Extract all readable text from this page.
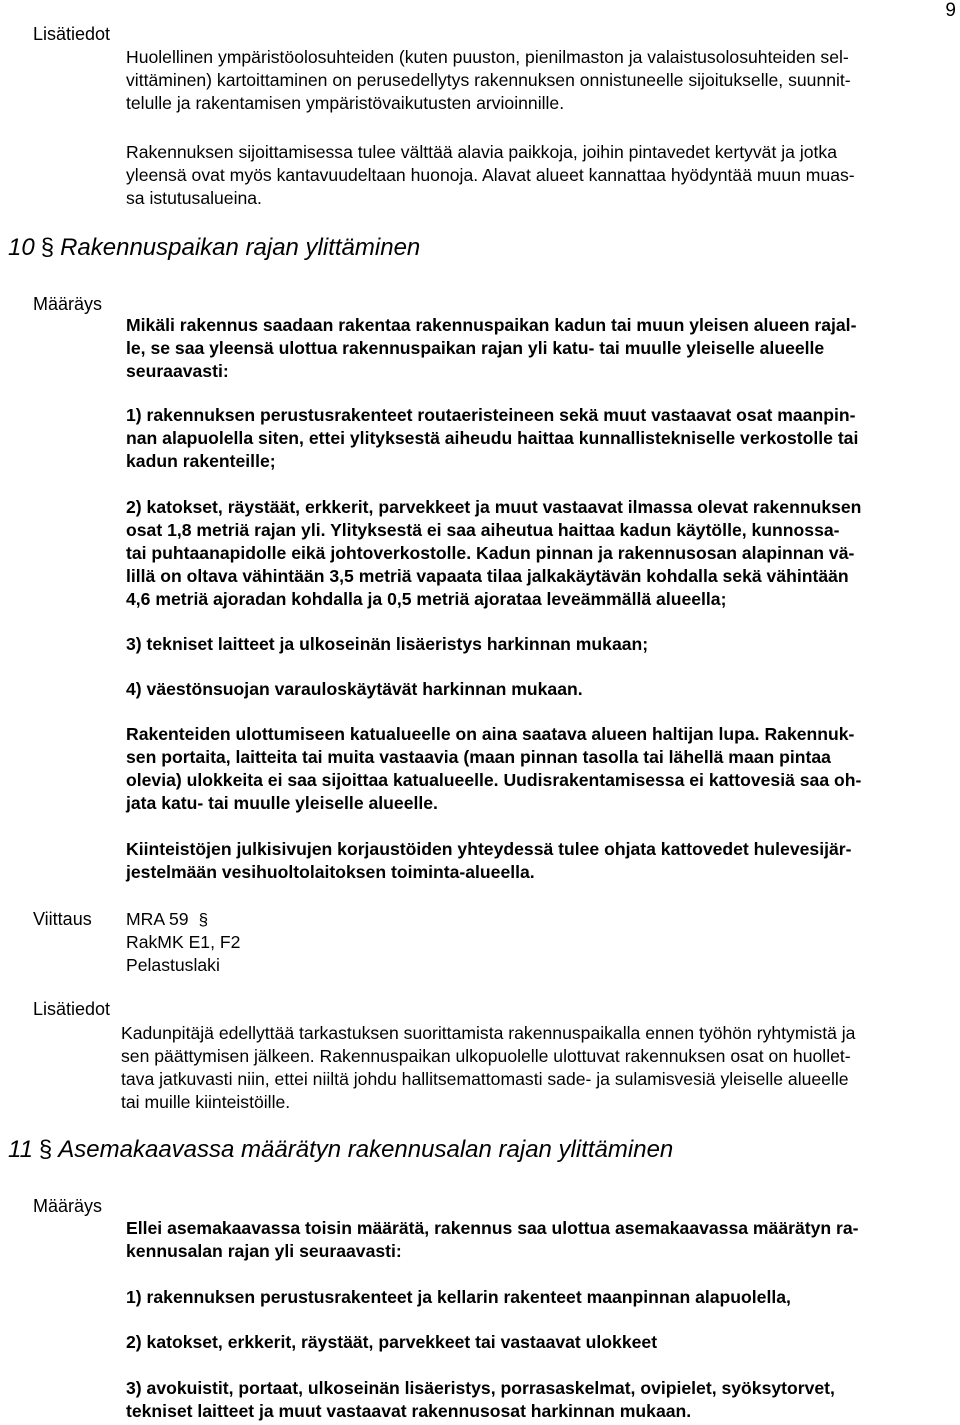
9
Lisätiedot
Huolellinen ympäristöolosuhteiden (kuten puuston, pienilmaston ja valaistusolosuhteiden sel-
vittäminen) kartoittaminen on perusedellytys rakennuksen onnistuneelle sijoitukselle, suunnit-
telulle ja rakentamisen ympäristövaikutusten arvioinnille.
Rakennuksen sijoittamisessa tulee välttää alavia paikkoja, joihin pintavedet kertyvät ja jotka
yleensä ovat myös kantavuudeltaan huonoja. Alavat alueet kannattaa hyödyntää muun muas-
sa istutusalueina.
10 § Rakennuspaikan rajan ylittäminen
Määräys
Mikäli rakennus saadaan rakentaa rakennuspaikan kadun tai muun yleisen alueen rajal-
le, se saa yleensä ulottua rakennuspaikan rajan yli katu- tai muulle yleiselle alueelle
seuraavasti:
1) rakennuksen perustusrakenteet routaeristeineen sekä muut vastaavat osat maanpin-
nan alapuolella siten, ettei ylityksestä aiheudu haittaa kunnallistekniselle verkostolle tai
kadun rakenteille;
2) katokset, räystäät, erkkerit, parvekkeet ja muut vastaavat ilmassa olevat rakennuksen
osat 1,8 metriä rajan yli. Ylityksestä ei saa aiheutua haittaa kadun käytölle, kunnossa-
tai puhtaanapidolle eikä johtoverkostolle. Kadun pinnan ja rakennusosan alapinnan vä-
lillä on oltava vähintään 3,5 metriä vapaata tilaa jalkakäytävän kohdalla sekä vähintään
4,6 metriä ajoradan kohdalla ja 0,5 metriä ajorataa leveämmällä alueella;
3) tekniset laitteet ja ulkoseinän lisäeristys harkinnan mukaan;
4) väestönsuojan varauloskäytävät harkinnan mukaan.
Rakenteiden ulottumiseen katualueelle on aina saatava alueen haltijan lupa. Rakennuk-
sen portaita, laitteita tai muita vastaavia (maan pinnan tasolla tai lähellä maan pintaa
olevia) ulokkeita ei saa sijoittaa katualueelle. Uudisrakentamisessa ei kattovesiä saa oh-
jata katu- tai muulle yleiselle alueelle.
Kiinteistöjen julkisivujen korjaustöiden yhteydessä tulee ohjata kattovedet hulevesijär-
jestelmään vesihuoltolaitoksen toiminta-alueella.
Viittaus MRA 59 §
RakMK E1, F2
Pelastuslaki
Lisätiedot
Kadunpitäjä edellyttää tarkastuksen suorittamista rakennuspaikalla ennen työhön ryhtymistä ja
sen päättymisen jälkeen. Rakennuspaikan ulkopuolelle ulottuvat rakennuksen osat on huollet-
tava jatkuvasti niin, ettei niiltä johdu hallitsemattomasti sade- ja sulamisvesiä yleiselle alueelle
tai muille kiinteistöille.
11 § Asemakaavassa määrätyn rakennusalan rajan ylittäminen
Määräys
Ellei asemakaavassa toisin määrätä, rakennus saa ulottua asemakaavassa määrätyn ra-
kennusalan rajan yli seuraavasti:
1) rakennuksen perustusrakenteet ja kellarin rakenteet maanpinnan alapuolella,
2) katokset, erkkerit, räystäät, parvekkeet tai vastaavat ulokkeet
3) avokuistit, portaat, ulkoseinän lisäeristys, porrasaskelmat, ovipielet, syöksytorvet,
tekniset laitteet ja muut vastaavat rakennusosat harkinnan mukaan.
